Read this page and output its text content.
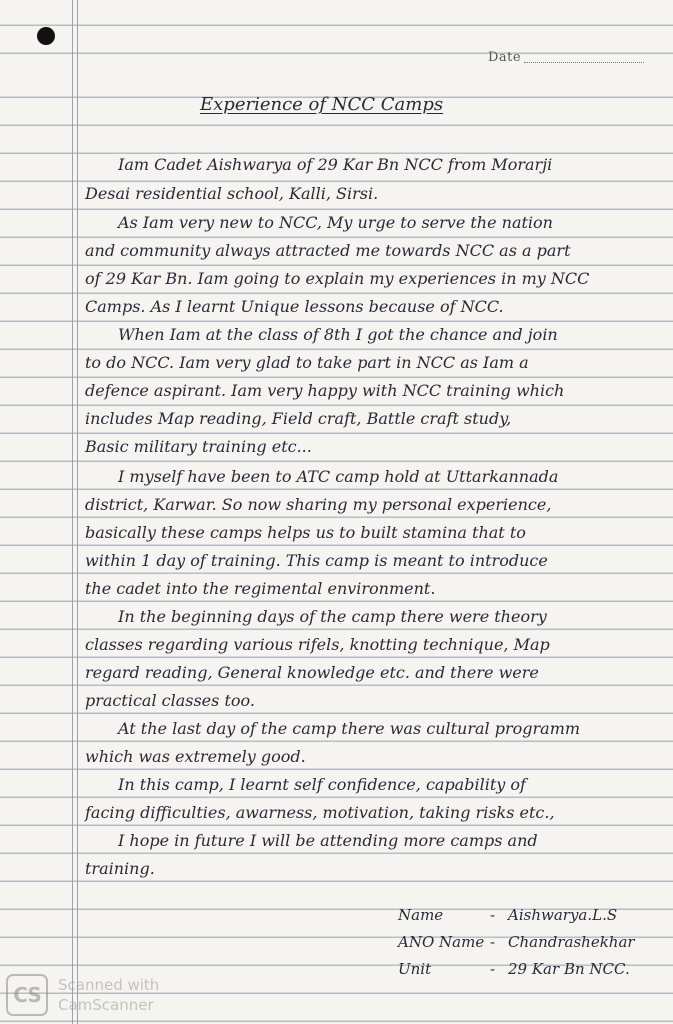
Date
Experience of NCC Camps
Iam Cadet Aishwarya of 29 Kar Bn NCC from Morarji
Desai residential school, Kalli, Sirsi.
As Iam very new to NCC, My urge to serve the nation
and community always attracted me towards NCC as a part
of 29 Kar Bn. Iam going to explain my experiences in my NCC
Camps. As I learnt Unique lessons because of NCC.
When Iam at the class of 8th I got the chance and join
to do NCC. Iam very glad to take part in NCC as Iam a
defence aspirant. Iam very happy with NCC training which
includes Map reading, Field craft, Battle craft study,
Basic military training etc...
I myself have been to ATC camp hold at Uttarkannada
district, Karwar. So now sharing my personal experience,
basically these camps helps us to built stamina that to
within 1 day of training. This camp is meant to introduce
the cadet into the regimental environment.
In the beginning days of the camp there were theory
classes regarding various rifels, knotting technique, Map
regard reading, General knowledge etc. and there were
practical classes too.
At the last day of the camp there was cultural programm
which was extremely good.
In this camp, I learnt self confidence, capability of
facing difficulties, awarness, motivation, taking risks etc.,
I hope in future I will be attending more camps and
training.
Name	- Aishwarya.L.S
ANO Name - Chandrashekhar
Unit	- 29 Kar Bn NCC.
CS	Scanned with
CamScanner
